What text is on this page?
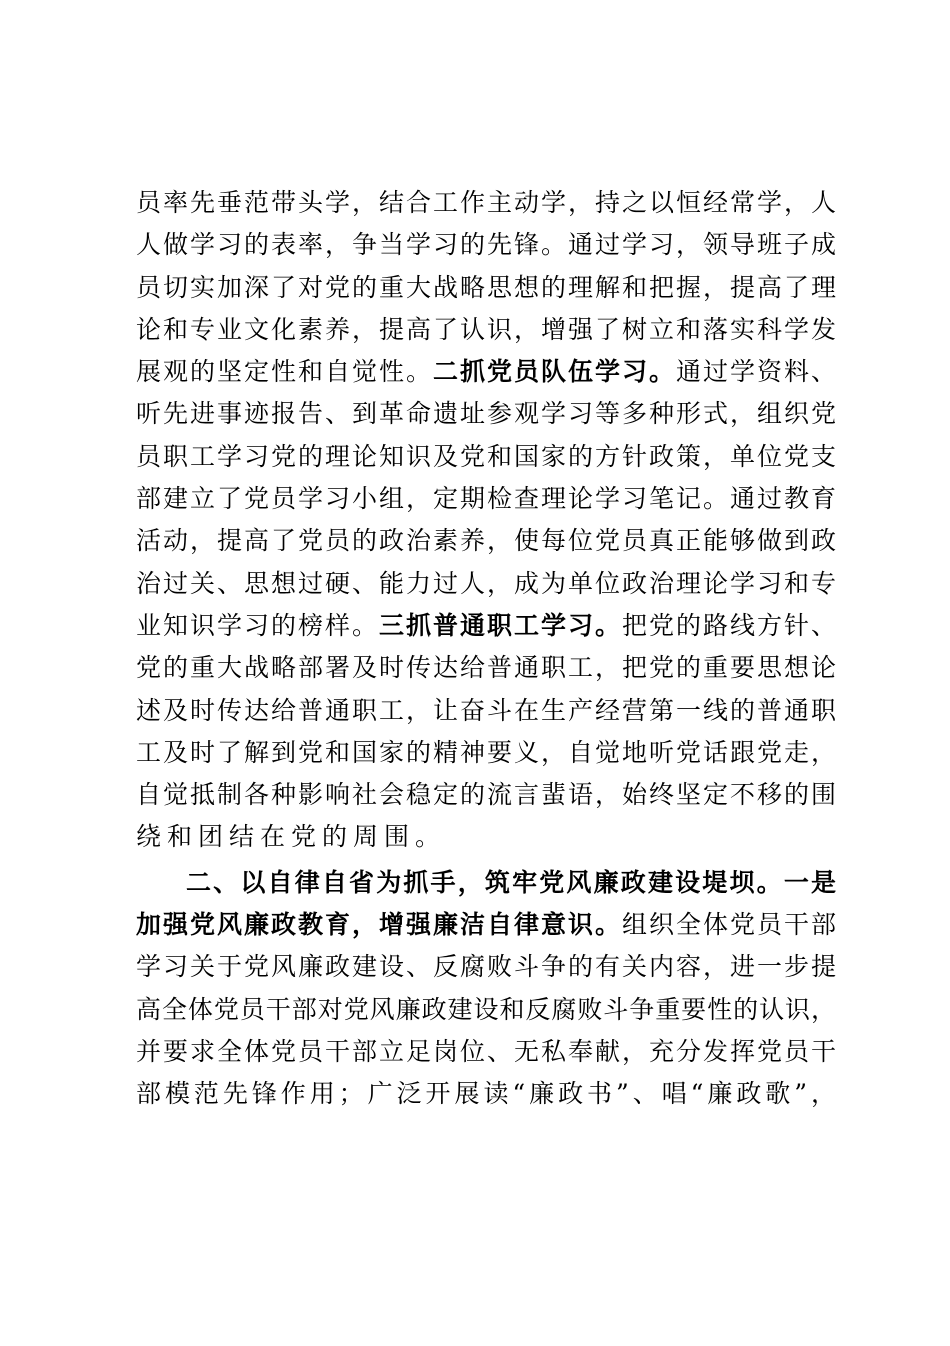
员率先垂范带头学，结合工作主动学，持之以恒经常学，人
人做学习的表率，争当学习的先锋。通过学习，领导班子成
员切实加深了对党的重大战略思想的理解和把握，提高了理
论和专业文化素养，提高了认识，增强了树立和落实科学发
展观的坚定性和自觉性。二抓党员队伍学习。通过学资料、
听先进事迹报告、到革命遗址参观学习等多种形式，组织党
员职工学习党的理论知识及党和国家的方针政策，单位党支
部建立了党员学习小组，定期检查理论学习笔记。通过教育
活动，提高了党员的政治素养，使每位党员真正能够做到政
治过关、思想过硬、能力过人，成为单位政治理论学习和专
业知识学习的榜样。三抓普通职工学习。把党的路线方针、
党的重大战略部署及时传达给普通职工，把党的重要思想论
述及时传达给普通职工，让奋斗在生产经营第一线的普通职
工及时了解到党和国家的精神要义，自觉地听党话跟党走，
自觉抵制各种影响社会稳定的流言蜚语，始终坚定不移的围
绕和团结在党的周围。
二、以自律自省为抓手，筑牢党风廉政建设堤坝。一是
加强党风廉政教育，增强廉洁自律意识。组织全体党员干部
学习关于党风廉政建设、反腐败斗争的有关内容，进一步提
高全体党员干部对党风廉政建设和反腐败斗争重要性的认识，
并要求全体党员干部立足岗位、无私奉献，充分发挥党员干
部模范先锋作用；广泛开展读“廉政书”、唱“廉政歌”，
